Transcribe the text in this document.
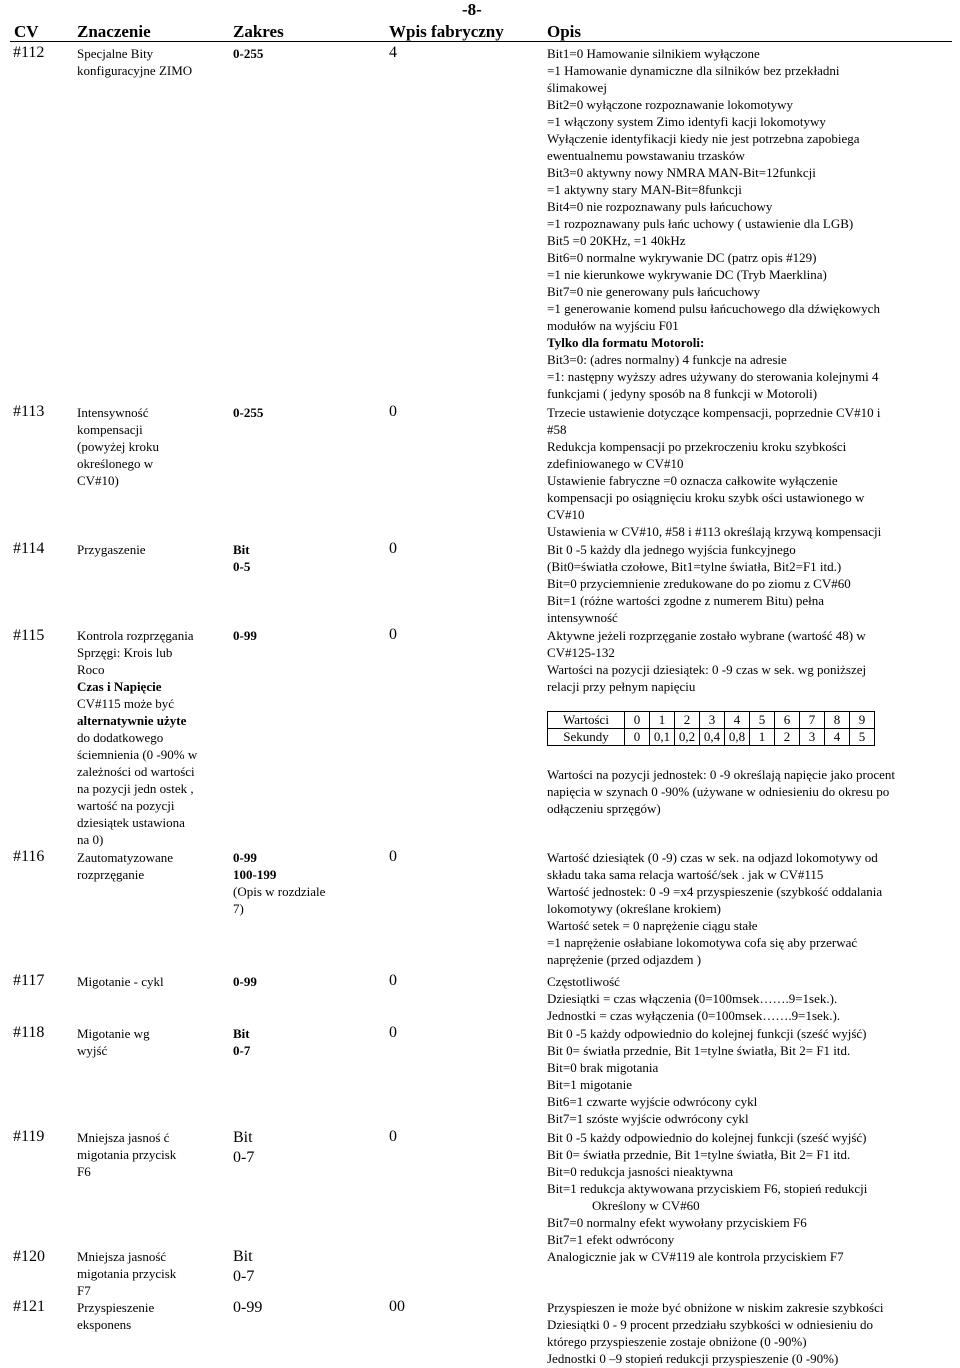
-8-
CV Znaczenie	Zakres	Wpis fabryczny	Opis
#112	Specjalne Bity
konfiguracyjne ZIMO
0-255	4	Bit1=0 Hamowanie silnikiem wyłączone
=1 Hamowanie dynamiczne dla silników bez przekładni
ślimakowej
Bit2=0 wyłączone rozpoznawanie lokomotywy
=1 włączony system Zimo identyfi kacji lokomotywy
Wyłączenie identyfikacji kiedy nie jest potrzebna zapobiega
ewentualnemu powstawaniu trzasków
Bit3=0 aktywny nowy NMRA MAN-Bit=12funkcji
=1 aktywny stary MAN-Bit=8funkcji
Bit4=0 nie rozpoznawany puls łańcuchowy
=1 rozpoznawany puls łańc uchowy ( ustawienie dla LGB)
Bit5 =0 20KHz, =1 40kHz
Bit6=0 normalne wykrywanie DC (patrz opis #129)
=1 nie kierunkowe wykrywanie DC (Tryb Maerklina)
Bit7=0 nie generowany puls łańcuchowy
=1 generowanie komend pulsu łańcuchowego dla dźwiękowych
modułów na wyjściu F01
Tylko dla formatu Motoroli:
Bit3=0: (adres normalny) 4 funkcje na adresie
=1: następny wyższy adres używany do sterowania kolejnymi 4
funkcjami ( jedyny sposób na 8 funkcji w Motoroli)
#113	Intensywność
kompensacji
(powyżej kroku
określonego w
CV#10)
0-255	0	Trzecie ustawienie dotyczące kompensacji, poprzednie CV#10 i
#58
Redukcja kompensacji po przekroczeniu kroku szybkości
zdefiniowanego w CV#10
Ustawienie fabryczne =0 oznacza całkowite wyłączenie
kompensacji po osiągnięciu kroku szybk ości ustawionego w
CV#10
Ustawienia w CV#10, #58 i #113 określają krzywą kompensacji
#114	Przygaszenie	Bit
0-5
0	Bit 0 -5 każdy dla jednego wyjścia funkcyjnego
(Bit0=światła czołowe, Bit1=tylne światła, Bit2=F1 itd.)
Bit=0 przyciemnienie zredukowane do po ziomu z CV#60
Bit=1 (różne wartości zgodne z numerem Bitu) pełna
intensywność
#115	Kontrola rozprzęgania
Sprzęgi: Krois lub
Roco
Czas i Napięcie
CV#115 może być
alternatywnie użyte
do dodatkowego
ściemnienia (0 -90% w
zależności od wartości
na pozycji jedn ostek ,
wartość na pozycji
dziesiątek ustawiona
na 0)
0-99	0	Aktywne jeżeli rozprzęganie zostało wybrane (wartość 48) w
CV#125-132
Wartości na pozycji dziesiątek: 0 -9 czas w sek. wg poniższej
relacji przy pełnym napięciu
Wartości	0	1	2	3	4	5	6	7	8	9
Sekundy	0	0,1	0,2	0,4	0,8	1	2	3	4	5
Wartości na pozycji jednostek: 0 -9 określają napięcie jako procent
napięcia w szynach 0 -90% (używane w odniesieniu do okresu po
odłączeniu sprzęgów)
#116	Zautomatyzowane
rozprzęganie
0-99
100-199
(Opis w rozdziale
7)
0	Wartość dziesiątek (0 -9) czas w sek. na odjazd lokomotywy od
składu taka sama relacja wartość/sek . jak w CV#115
Wartość jednostek: 0 -9 =x4 przyspieszenie (szybkość oddalania
lokomotywy (określane krokiem)
Wartość setek = 0 naprężenie ciągu stałe
=1 naprężenie osłabiane lokomotywa cofa się aby przerwać
naprężenie (przed odjazdem )
#117	Migotanie - cykl	0-99	0	Częstotliwość
Dziesiątki = czas włączenia (0=100msek…….9=1sek.).
Jednostki = czas wyłączenia (0=100msek…….9=1sek.).
#118	Migotanie wg
wyjść
Bit
0-7
0	Bit 0 -5 każdy odpowiednio do kolejnej funkcji (sześć wyjść)
Bit 0= światła przednie, Bit 1=tylne światła, Bit 2= F1 itd.
Bit=0 brak migotania
Bit=1 migotanie
Bit6=1 czwarte wyjście odwrócony cykl
Bit7=1 szóste wyjście odwrócony cykl
#119	Mniejsza jasnoś ć
migotania przycisk
F6
Bit
0-7
0	Bit 0 -5 każdy odpowiednio do kolejnej funkcji (sześć wyjść)
Bit 0= światła przednie, Bit 1=tylne światła, Bit 2= F1 itd.
Bit=0 redukcja jasności nieaktywna
Bit=1 redukcja aktywowana przyciskiem F6, stopień redukcji
Określony w CV#60
Bit7=0 normalny efekt wywołany przyciskiem F6
Bit7=1 efekt odwrócony
#120 Mniejsza jasność
migotania przycisk
F7
Bit
0-7
Analogicznie jak w CV#119 ale kontrola przyciskiem F7
#121 Przyspieszenie
eksponens
0-99	00	Przyspieszen ie może być obniżone w niskim zakresie szybkości
Dziesiątki 0 - 9 procent przedziału szybkości w odniesieniu do
którego przyspieszenie zostaje obniżone (0 -90%)
Jednostki 0 –9 stopień redukcji przyspieszenie (0 -90%)
